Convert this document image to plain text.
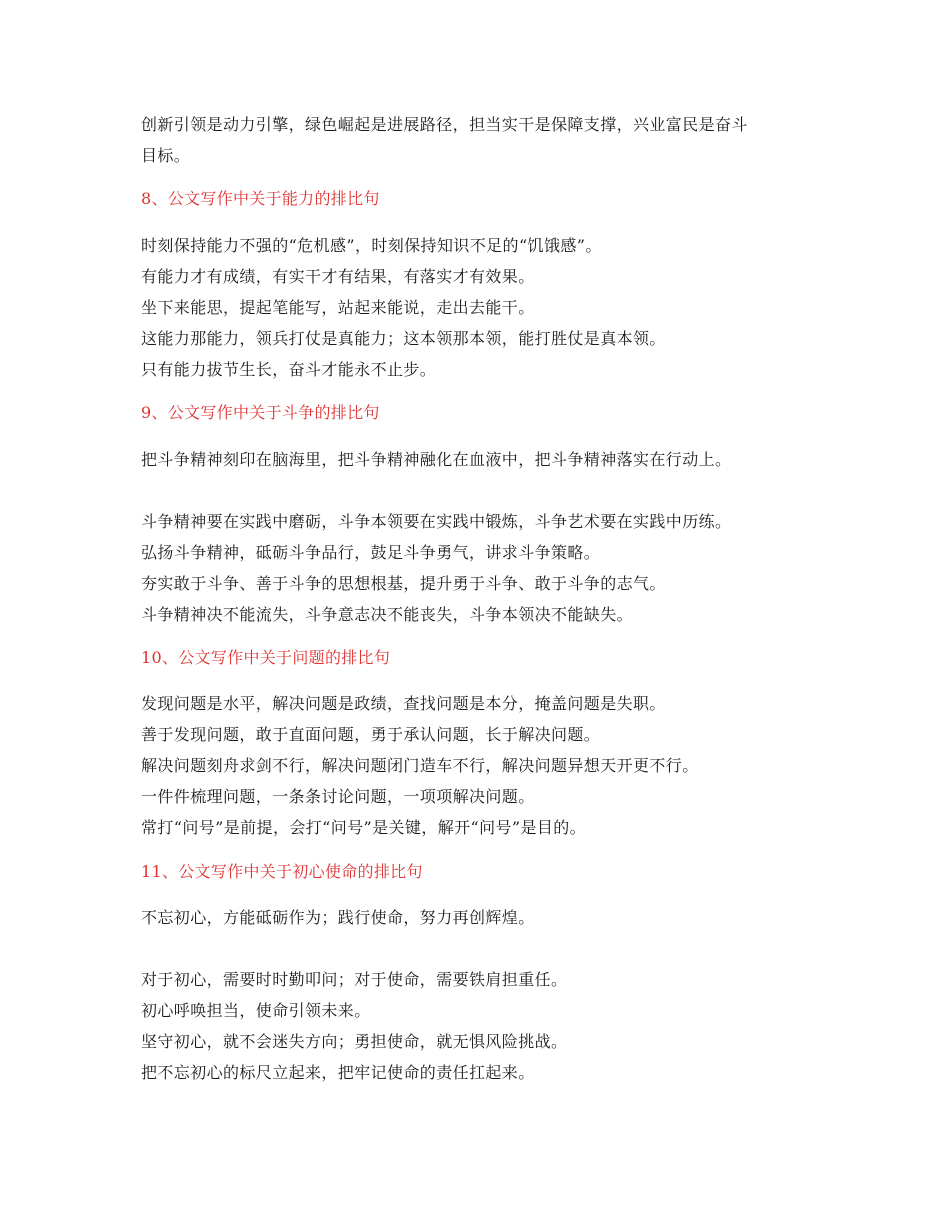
创新引领是动力引擎，绿色崛起是进展路径，担当实干是保障支撑，兴业富民是奋斗
目标。
8、公文写作中关于能力的排比句
时刻保持能力不强的“危机感”，时刻保持知识不足的“饥饿感”。
有能力才有成绩，有实干才有结果，有落实才有效果。
坐下来能思，提起笔能写，站起来能说，走出去能干。
这能力那能力，领兵打仗是真能力；这本领那本领，能打胜仗是真本领。
只有能力拔节生长，奋斗才能永不止步。
9、公文写作中关于斗争的排比句
把斗争精神刻印在脑海里，把斗争精神融化在血液中，把斗争精神落实在行动上。
斗争精神要在实践中磨砺，斗争本领要在实践中锻炼，斗争艺术要在实践中历练。
弘扬斗争精神，砥砺斗争品行，鼓足斗争勇气，讲求斗争策略。
夯实敢于斗争、善于斗争的思想根基，提升勇于斗争、敢于斗争的志气。
斗争精神决不能流失，斗争意志决不能丧失，斗争本领决不能缺失。
10、公文写作中关于问题的排比句
发现问题是水平，解决问题是政绩，查找问题是本分，掩盖问题是失职。
善于发现问题，敢于直面问题，勇于承认问题，长于解决问题。
解决问题刻舟求剑不行，解决问题闭门造车不行，解决问题异想天开更不行。
一件件梳理问题，一条条讨论问题，一项项解决问题。
常打“问号”是前提，会打“问号”是关键，解开“问号”是目的。
11、公文写作中关于初心使命的排比句
不忘初心，方能砥砺作为；践行使命，努力再创辉煌。
对于初心，需要时时勤叩问；对于使命，需要铁肩担重任。
初心呼唤担当，使命引领未来。
坚守初心，就不会迷失方向；勇担使命，就无惧风险挑战。
把不忘初心的标尺立起来，把牢记使命的责任扛起来。
